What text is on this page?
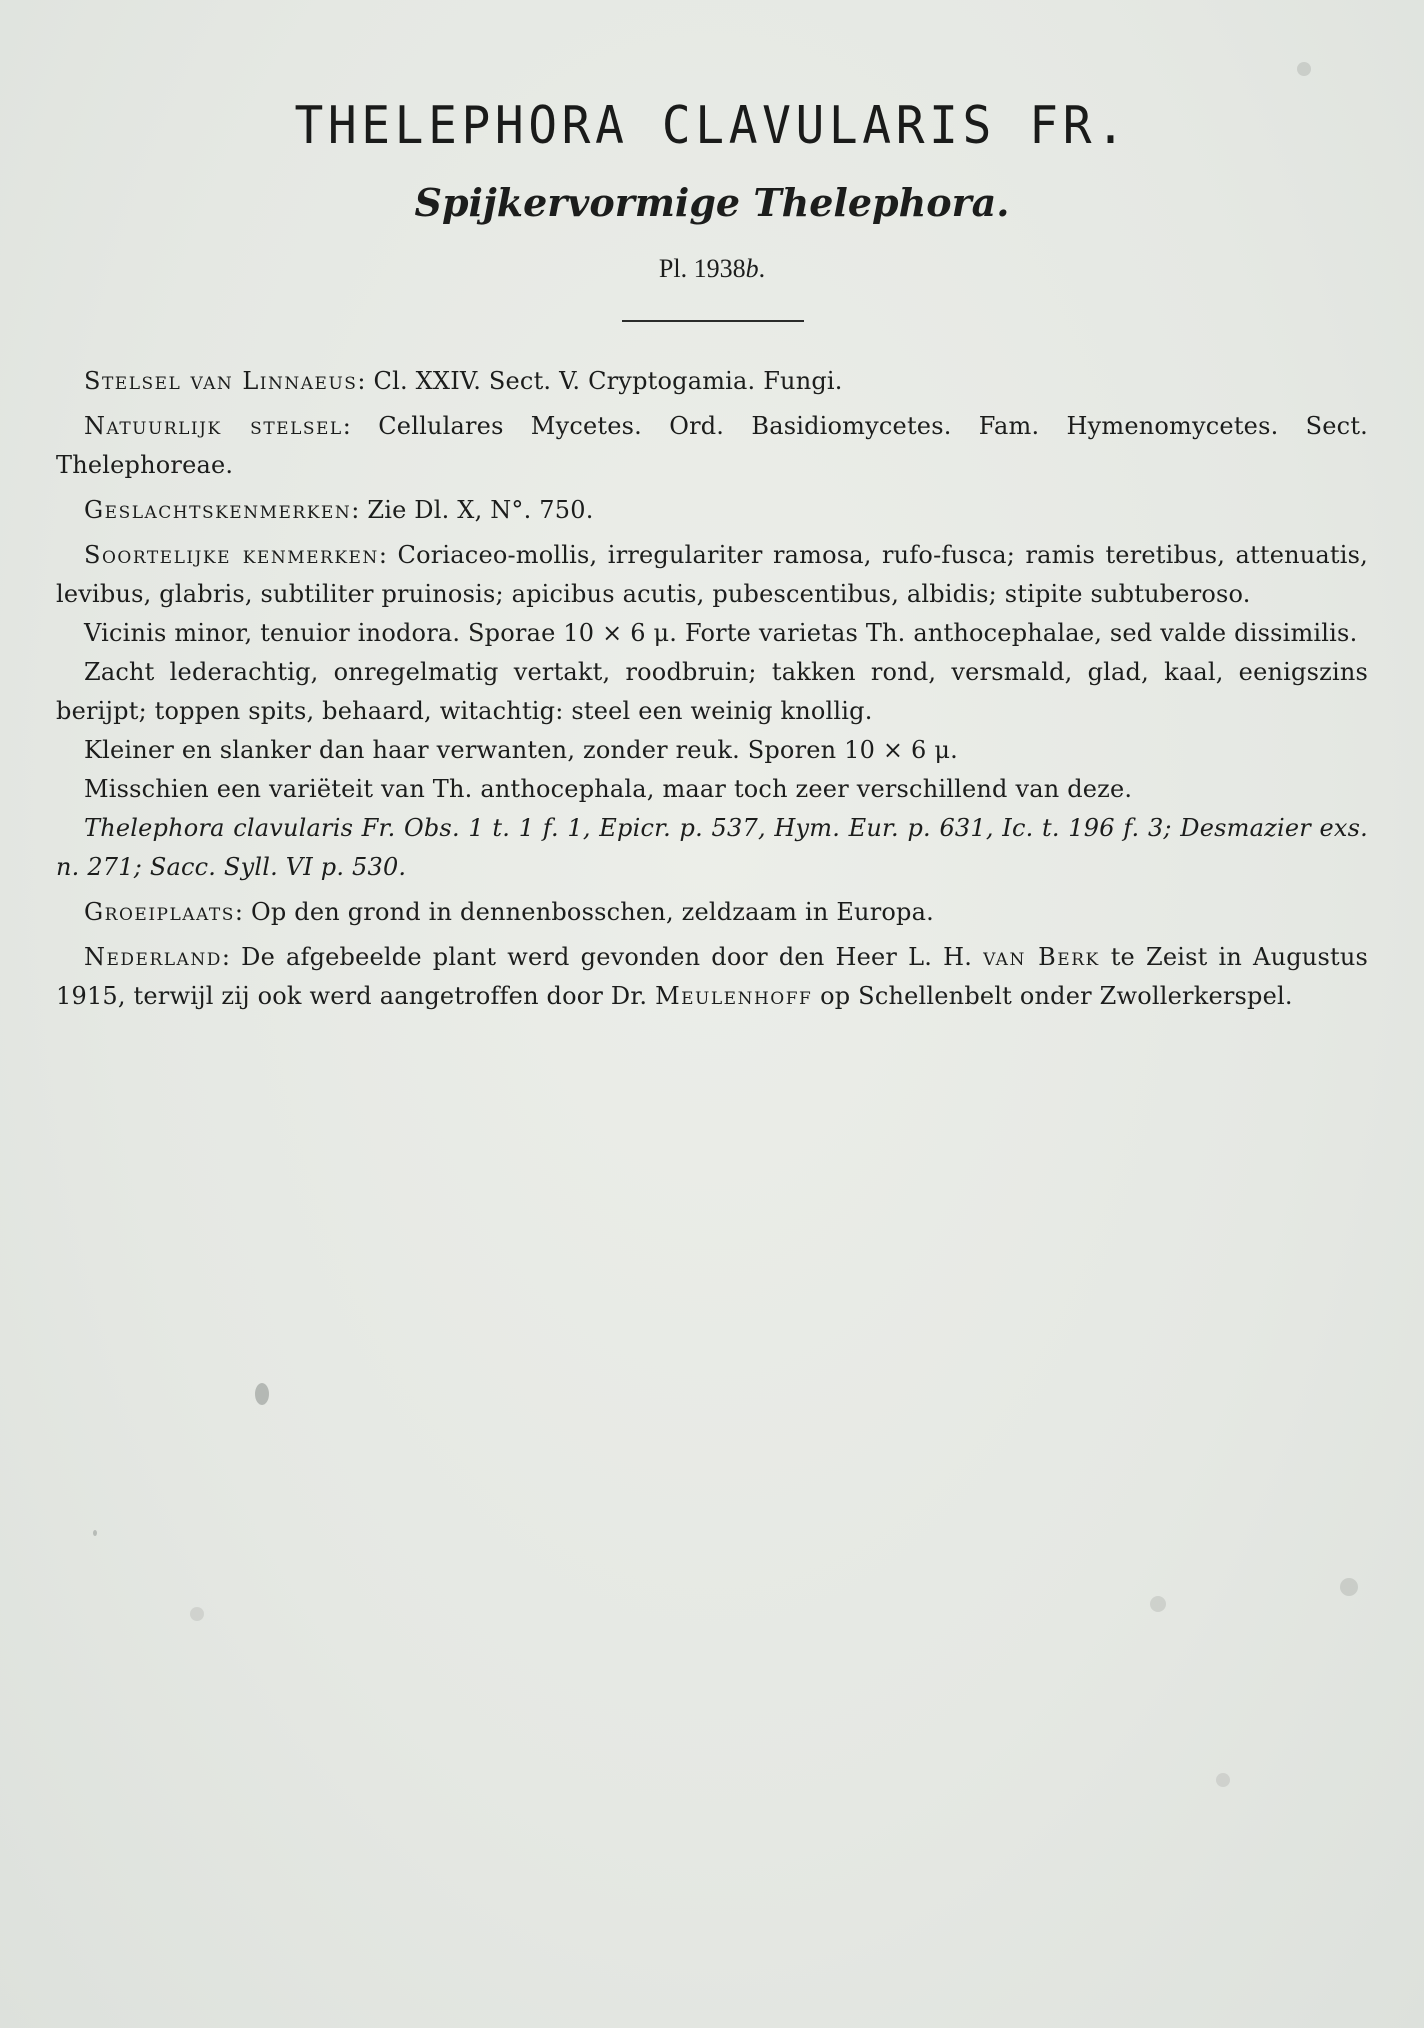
THELEPHORA CLAVULARIS FR.
Spijkervormige Thelephora.
Pl. 1938b.

Stelsel van Linnaeus: Cl. XXIV. Sect. V. Cryptogamia. Fungi.

Natuurlijk stelsel: Cellulares Mycetes. Ord. Basidiomycetes. Fam. Hymenomycetes. Sect. Thelephoreae.

Geslachtskenmerken: Zie Dl. X, N°. 750.

Soortelijke kenmerken: Coriaceo-mollis, irregulariter ramosa, rufo-fusca; ramis teretibus, attenuatis, levibus, glabris, subtiliter pruinosis; apicibus acutis, pubescentibus, albidis; stipite subtuberoso.

Vicinis minor, tenuior inodora. Sporae 10 × 6 μ. Forte varietas Th. anthocephalae, sed valde dissimilis.

Zacht lederachtig, onregelmatig vertakt, roodbruin; takken rond, versmald, glad, kaal, eenigszins berijpt; toppen spits, behaard, witachtig: steel een weinig knollig.

Kleiner en slanker dan haar verwanten, zonder reuk. Sporen 10 × 6 μ.

Misschien een variëteit van Th. anthocephala, maar toch zeer verschillend van deze.

Thelephora clavularis Fr. Obs. 1 t. 1 f. 1, Epicr. p. 537, Hym. Eur. p. 631, Ic. t. 196 f. 3; Desmazier exs. n. 271; Sacc. Syll. VI p. 530.

Groeiplaats: Op den grond in dennenbosschen, zeldzaam in Europa.

Nederland: De afgebeelde plant werd gevonden door den Heer L. H. van Berk te Zeist in Augustus 1915, terwijl zij ook werd aangetroffen door Dr. Meulenhoff op Schellenbelt onder Zwollerkerspel.
